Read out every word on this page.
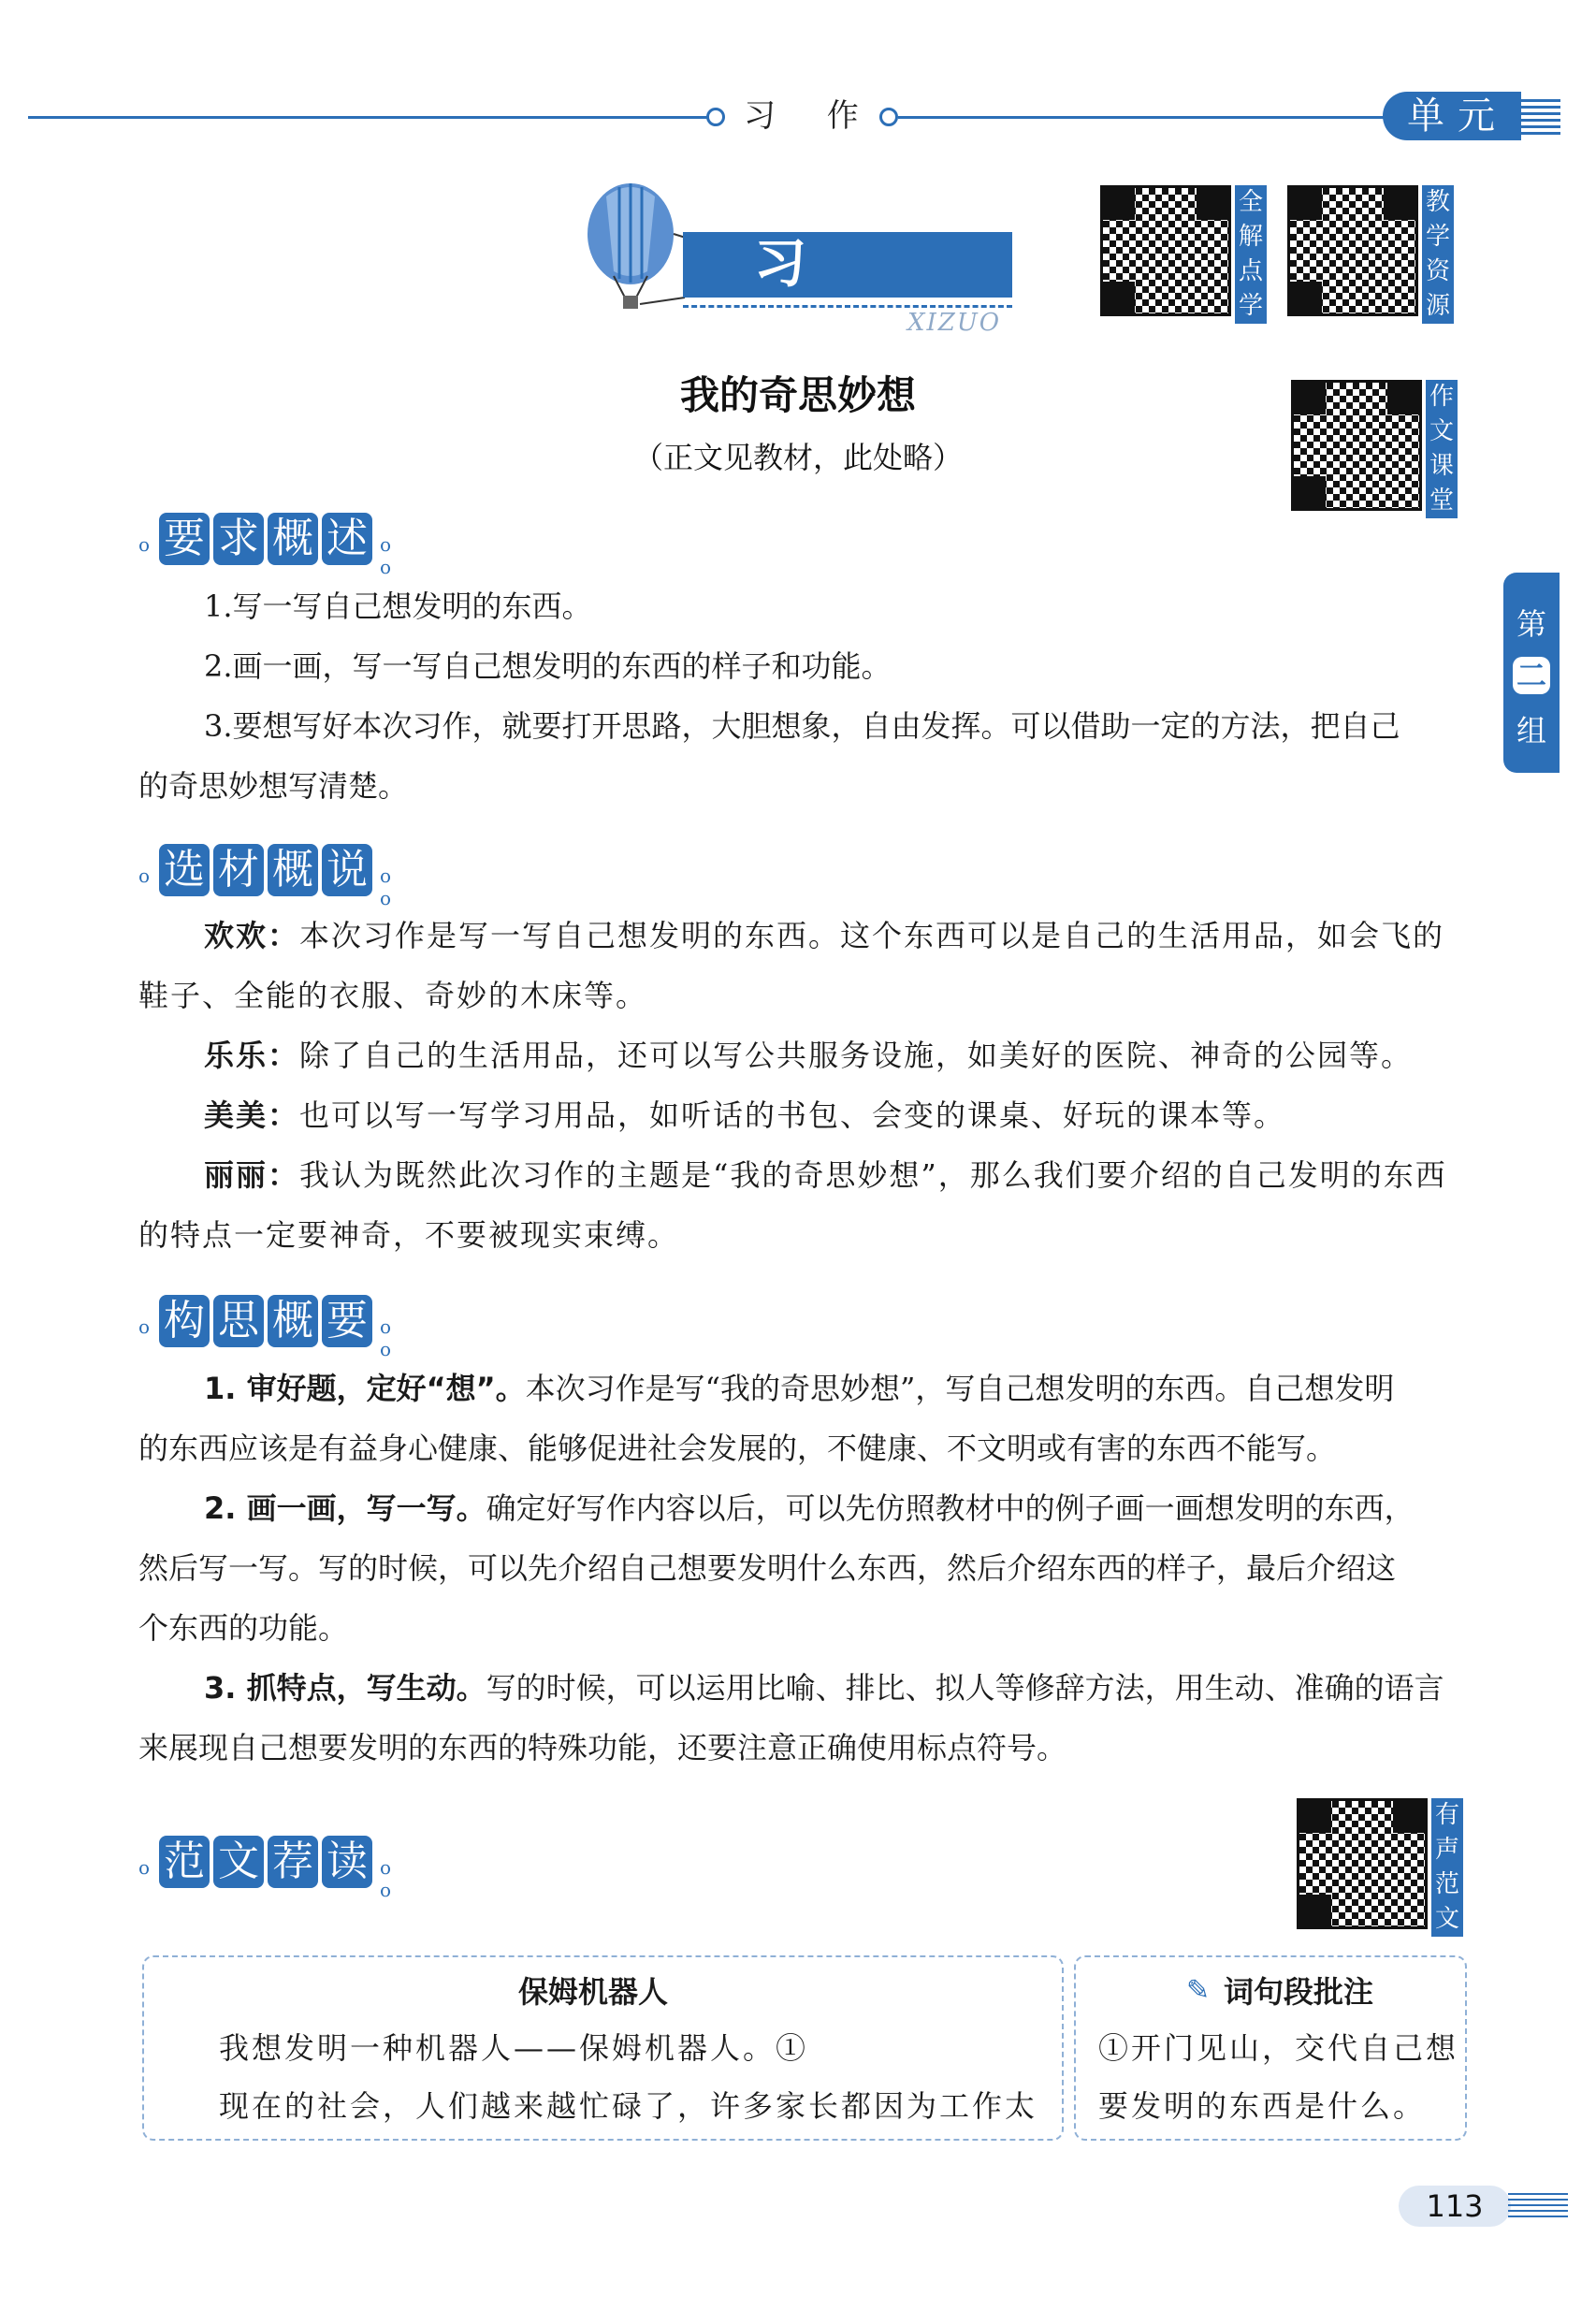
习 作	单元
习 作	XIZUO
全
解
点
学
教
学
资
源
作
文
课
堂
我的奇思妙想
（正文见教材，此处略）
第
二
组
o 要 求 概 述 o o
1.写一写自己想发明的东西。
2.画一画，写一写自己想发明的东西的样子和功能。
3.要想写好本次习作，就要打开思路，大胆想象，自由发挥。可以借助一定的方法，把自己
的奇思妙想写清楚。
o 选 材 概 说 o o
欢欢：本次习作是写一写自己想发明的东西。这个东西可以是自己的生活用品，如会飞的
鞋子、全能的衣服、奇妙的木床等。
乐乐：除了自己的生活用品，还可以写公共服务设施，如美好的医院、神奇的公园等。
美美：也可以写一写学习用品，如听话的书包、会变的课桌、好玩的课本等。
丽丽：我认为既然此次习作的主题是“我的奇思妙想”，那么我们要介绍的自己发明的东西
的特点一定要神奇，不要被现实束缚。
o 构 思 概 要 o o
1. 审好题，定好“想”。本次习作是写“我的奇思妙想”，写自己想发明的东西。自己想发明
的东西应该是有益身心健康、能够促进社会发展的，不健康、不文明或有害的东西不能写。
2. 画一画，写一写。确定好写作内容以后，可以先仿照教材中的例子画一画想发明的东西，
然后写一写。写的时候，可以先介绍自己想要发明什么东西，然后介绍东西的样子，最后介绍这
个东西的功能。
3. 抓特点，写生动。写的时候，可以运用比喻、排比、拟人等修辞方法，用生动、准确的语言
来展现自己想要发明的东西的特殊功能，还要注意正确使用标点符号。
o 范 文 荐 读 o o
有
声
范
文
保姆机器人
我想发明一种机器人——保姆机器人。①
现在的社会，人们越来越忙碌了，许多家长都因为工作太
✎ 词句段批注
①开门见山，交代自己想
要发明的东西是什么。
113
